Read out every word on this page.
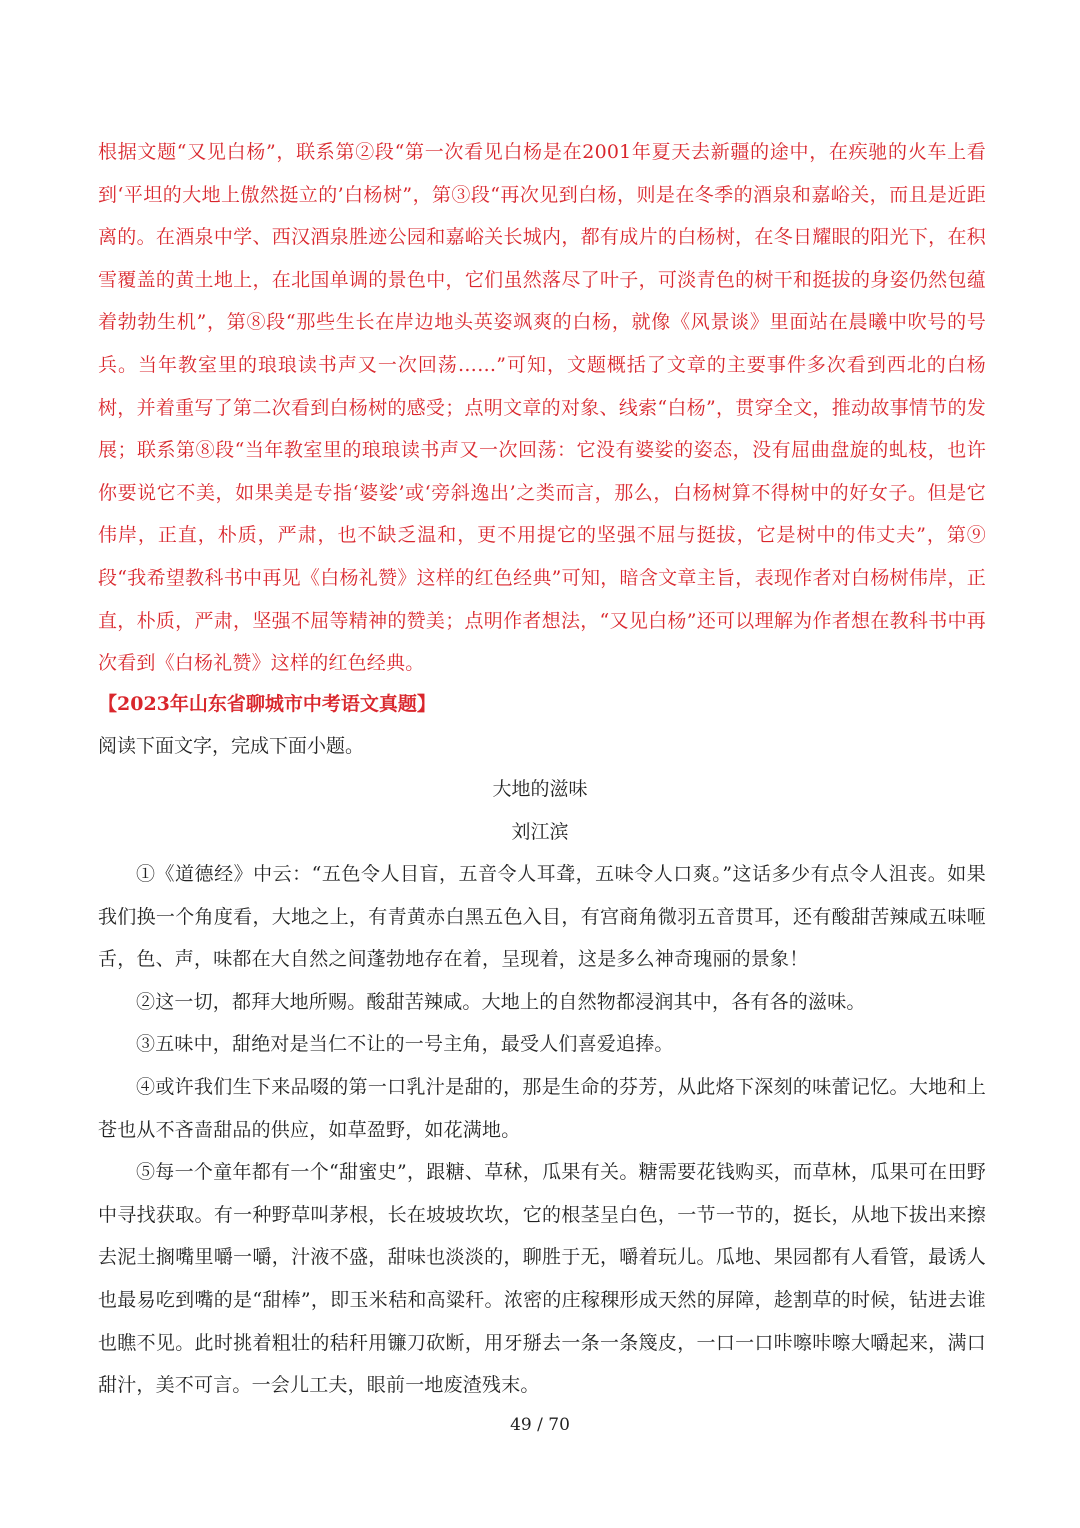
根据文题“又见白杨”，联系第②段“第一次看见白杨是在2001年夏天去新疆的途中，在疾驰的火车上看到‘平坦的大地上傲然挺立的’白杨树”，第③段“再次见到白杨，则是在冬季的酒泉和嘉峪关，而且是近距离的。在酒泉中学、西汉酒泉胜迹公园和嘉峪关长城内，都有成片的白杨树，在冬日耀眼的阳光下，在积雪覆盖的黄土地上，在北国单调的景色中，它们虽然落尽了叶子，可淡青色的树干和挺拔的身姿仍然包蕴着勃勃生机”，第⑧段“那些生长在岸边地头英姿飒爽的白杨，就像《风景谈》里面站在晨曦中吹号的号兵。当年教室里的琅琅读书声又一次回荡……”可知，文题概括了文章的主要事件多次看到西北的白杨树，并着重写了第二次看到白杨树的感受；点明文章的对象、线索“白杨”，贯穿全文，推动故事情节的发展；联系第⑧段“当年教室里的琅琅读书声又一次回荡：它没有婆娑的姿态，没有屈曲盘旋的虬枝，也许你要说它不美，如果美是专指‘婆娑’或‘旁斜逸出’之类而言，那么，白杨树算不得树中的好女子。但是它伟岸，正直，朴质，严肃，也不缺乏温和，更不用提它的坚强不屈与挺拔，它是树中的伟丈夫”，第⑨段“我希望教科书中再见《白杨礼赞》这样的红色经典”可知，暗含文章主旨，表现作者对白杨树伟岸，正直，朴质，严肃，坚强不屈等精神的赞美；点明作者想法，“又见白杨”还可以理解为作者想在教科书中再次看到《白杨礼赞》这样的红色经典。

【2023年山东省聊城市中考语文真题】

阅读下面文字，完成下面小题。

大地的滋味

刘江滨

①《道德经》中云：“五色令人目盲，五音令人耳聋，五味令人口爽。”这话多少有点令人沮丧。如果我们换一个角度看，大地之上，有青黄赤白黑五色入目，有宫商角微羽五音贯耳，还有酸甜苦辣咸五味咂舌，色、声，味都在大自然之间蓬勃地存在着，呈现着，这是多么神奇瑰丽的景象！

②这一切，都拜大地所赐。酸甜苦辣咸。大地上的自然物都浸润其中，各有各的滋味。

③五味中，甜绝对是当仁不让的一号主角，最受人们喜爱追捧。

④或许我们生下来品啜的第一口乳汁是甜的，那是生命的芬芳，从此烙下深刻的味蕾记忆。大地和上苍也从不吝啬甜品的供应，如草盈野，如花满地。

⑤每一个童年都有一个“甜蜜史”，跟糖、草秫，瓜果有关。糖需要花钱购买，而草林，瓜果可在田野中寻找获取。有一种野草叫茅根，长在坡坡坎坎，它的根茎呈白色，一节一节的，挺长，从地下拔出来擦去泥土搁嘴里嚼一嚼，汁液不盛，甜味也淡淡的，聊胜于无，嚼着玩儿。瓜地、果园都有人看管，最诱人也最易吃到嘴的是“甜棒”，即玉米秸和高粱秆。浓密的庄稼稞形成天然的屏障，趁割草的时候，钻进去谁也瞧不见。此时挑着粗壮的秸秆用镰刀砍断，用牙掰去一条一条篾皮，一口一口咔嚓咔嚓大嚼起来，满口甜汁，美不可言。一会儿工夫，眼前一地废渣残末。

49 / 70
